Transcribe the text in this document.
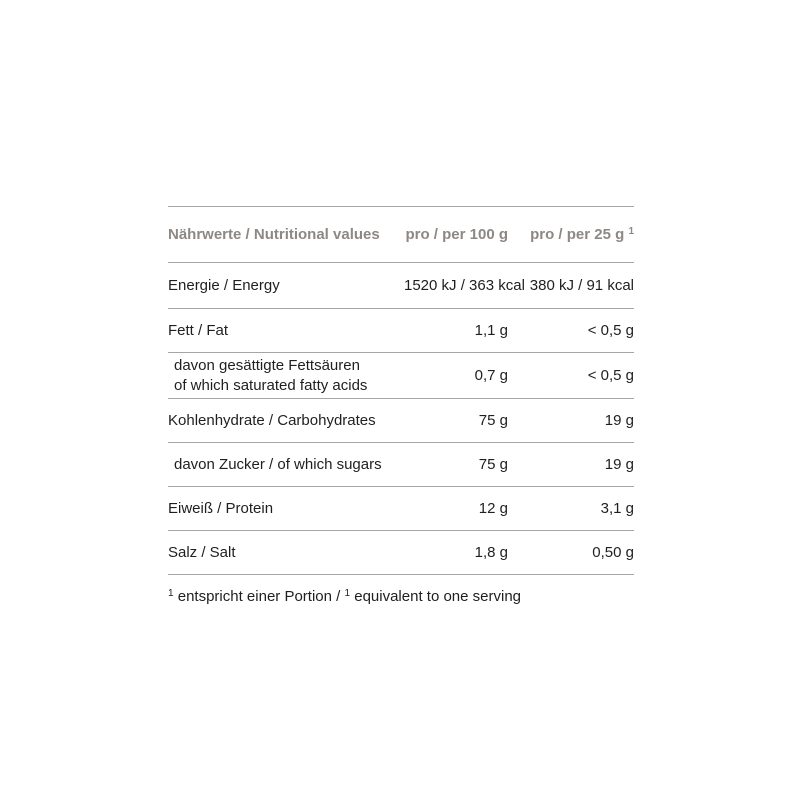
Nährwerte / Nutritional values	pro / per 100 g	pro / per 25 g $^1$
Energie / Energy	1520 kJ / 363 kcal	380 kJ / 91 kcal
Fett / Fat	1,1 g	< 0,5 g

davon gesättigte Fettsäuren
of which saturated fatty acids	0,7 g	< 0,5 g
Kohlenhydrate / Carbohydrates	75 g	19 g
davon Zucker / of which sugars	75 g	19 g
Eiweiß / Protein	12 g	3,1 g
Salz / Salt	1,8 g	0,50 g
$^1$ entspricht einer Portion / $^1$ equivalent to one serving
